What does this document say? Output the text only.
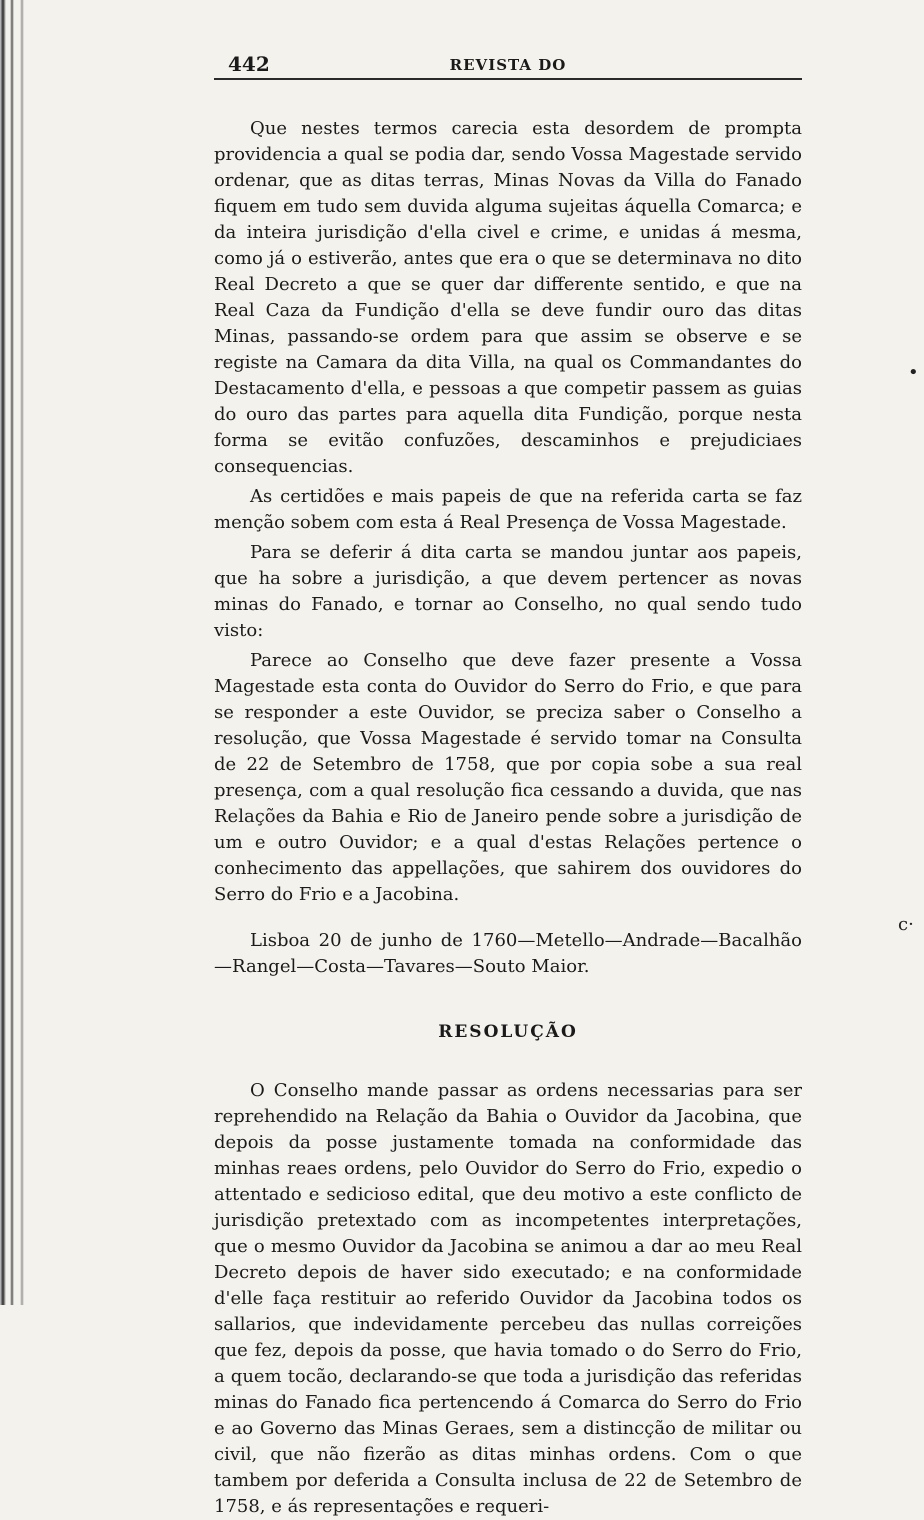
•
ⅽ·
442	REVISTA DO

Que nestes termos carecia esta desordem de prompta providencia a qual se podia dar, sendo Vossa Magestade servido ordenar, que as ditas terras, Minas Novas da Villa do Fanado fiquem em tudo sem duvida alguma sujeitas áquella Comarca; e da inteira jurisdição d'ella civel e crime, e unidas á mesma, como já o estiverão, antes que era o que se determinava no dito Real Decreto a que se quer dar differente sentido, e que na Real Caza da Fundição d'ella se deve fundir ouro das ditas Minas, passando-se ordem para que assim se observe e se registe na Camara da dita Villa, na qual os Commandantes do Destacamento d'ella, e pessoas a que competir passem as guias do ouro das partes para aquella dita Fundição, porque nesta forma se evitão confuzões, descaminhos e prejudiciaes consequencias.

As certidões e mais papeis de que na referida carta se faz menção sobem com esta á Real Presença de Vossa Magestade.

Para se deferir á dita carta se mandou juntar aos papeis, que ha sobre a jurisdição, a que devem pertencer as novas minas do Fanado, e tornar ao Conselho, no qual sendo tudo visto:

Parece ao Conselho que deve fazer presente a Vossa Magestade esta conta do Ouvidor do Serro do Frio, e que para se responder a este Ouvidor, se preciza saber o Conselho a resolução, que Vossa Magestade é servido tomar na Consulta de 22 de Setembro de 1758, que por copia sobe a sua real presença, com a qual resolução fica cessando a duvida, que nas Relações da Bahia e Rio de Janeiro pende sobre a jurisdição de um e outro Ouvidor; e a qual d'estas Relações pertence o conhecimento das appellações, que sahirem dos ouvidores do Serro do Frio e a Jacobina.

Lisboa 20 de junho de 1760—Metello—Andrade—Bacalhão—Rangel—Costa—Tavares—Souto Maior.

RESOLUÇÃO

O Conselho mande passar as ordens necessarias para ser reprehendido na Relação da Bahia o Ouvidor da Jacobina, que depois da posse justamente tomada na conformidade das minhas reaes ordens, pelo Ouvidor do Serro do Frio, expedio o attentado e sedicioso edital, que deu motivo a este conflicto de jurisdição pretextado com as incompetentes interpretações, que o mesmo Ouvidor da Jacobina se animou a dar ao meu Real Decreto depois de haver sido executado; e na conformidade d'elle faça restituir ao referido Ouvidor da Jacobina todos os sallarios, que indevidamente percebeu das nullas correições que fez, depois da posse, que havia tomado o do Serro do Frio, a quem tocão, declarando-se que toda a jurisdição das referidas minas do Fanado fica pertencendo á Comarca do Serro do Frio e ao Governo das Minas Geraes, sem a distincção de militar ou civil, que não fizerão as ditas minhas ordens. Com o que tambem por deferida a Consulta inclusa de 22 de Setembro de 1758, e ás representações e requeri-
